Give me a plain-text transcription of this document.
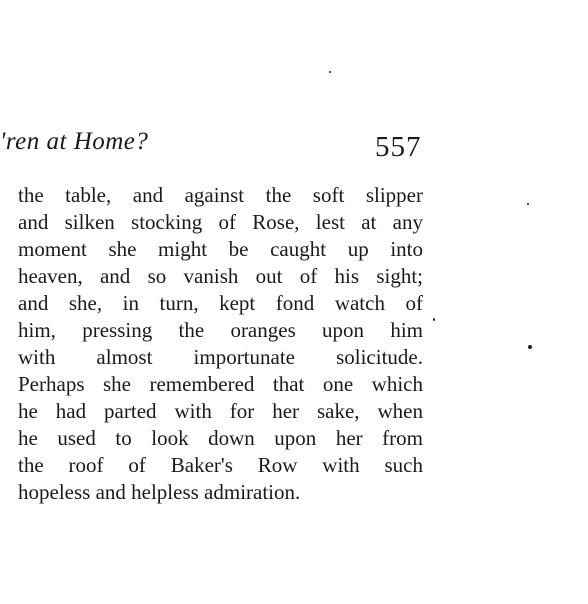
'ren at Home?	557
the table, and against the soft slipper
and silken stocking of Rose, lest at any
moment she might be caught up into
heaven, and so vanish out of his sight;
and she, in turn, kept fond watch of
him, pressing the oranges upon him
with almost importunate solicitude.
Perhaps she remembered that one which
he had parted with for her sake, when
he used to look down upon her from
the roof of Baker's Row with such
hopeless and helpless admiration.
